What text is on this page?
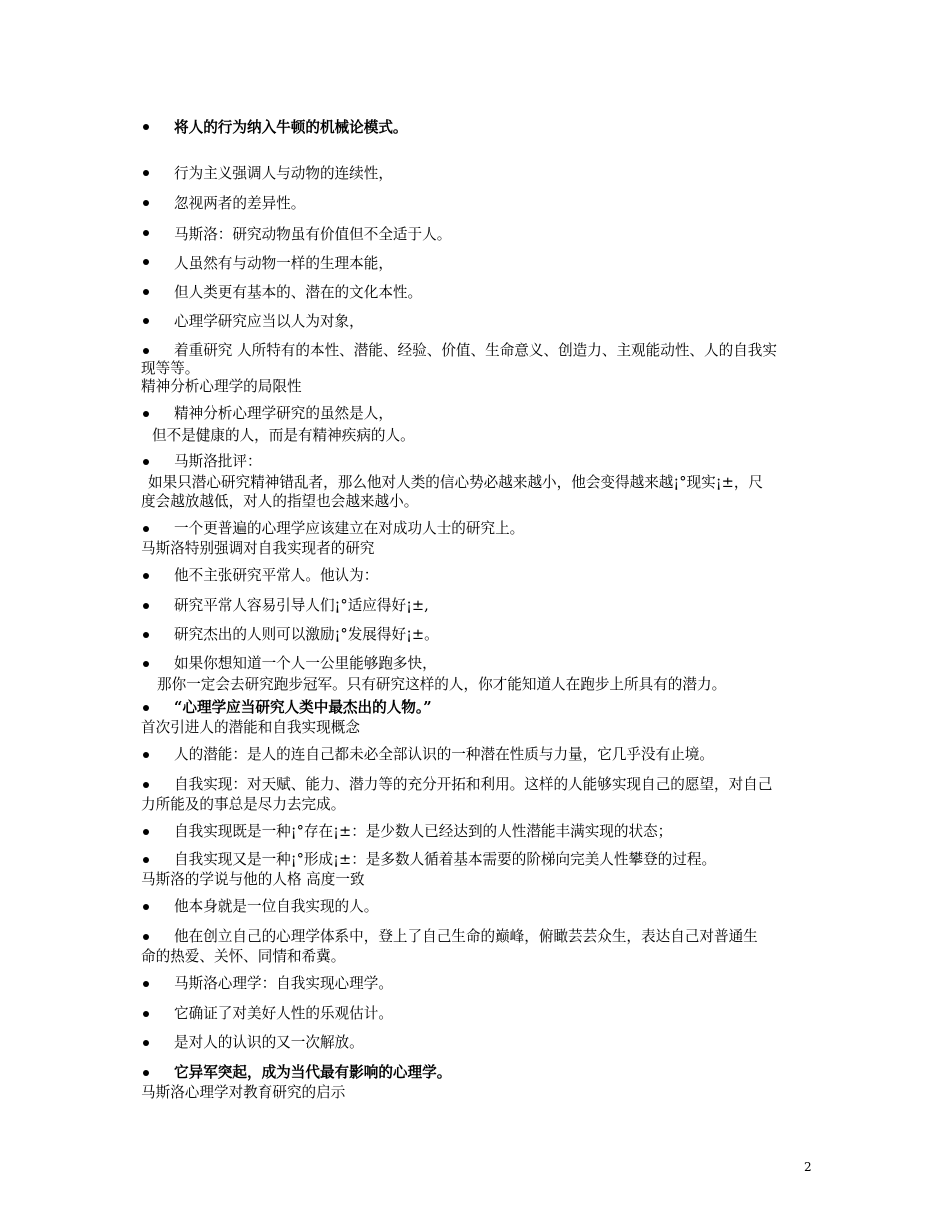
将人的行为纳入牛顿的机械论模式。
行为主义强调人与动物的连续性，
忽视两者的差异性。
马斯洛：研究动物虽有价值但不全适于人。
人虽然有与动物一样的生理本能，
但人类更有基本的、潜在的文化本性。
心理学研究应当以人为对象，
着重研究 人所特有的本性、潜能、经验、价值、生命意义、创造力、主观能动性、人的自我实
现等等。
精神分析心理学的局限性
精神分析心理学研究的虽然是人，
但不是健康的人，而是有精神疾病的人。
马斯洛批评：
如果只潜心研究精神错乱者，那么他对人类的信心势必越来越小，他会变得越来越¡°现实¡±，尺
度会越放越低，对人的指望也会越来越小。
一个更普遍的心理学应该建立在对成功人士的研究上。
马斯洛特别强调对自我实现者的研究
他不主张研究平常人。他认为：
研究平常人容易引导人们¡°适应得好¡±,
研究杰出的人则可以激励¡°发展得好¡±。
如果你想知道一个人一公里能够跑多快，
那你一定会去研究跑步冠军。只有研究这样的人，你才能知道人在跑步上所具有的潜力。
“心理学应当研究人类中最杰出的人物。”
首次引进人的潜能和自我实现概念
人的潜能：是人的连自己都未必全部认识的一种潜在性质与力量，它几乎没有止境。
自我实现：对天赋、能力、潜力等的充分开拓和利用。这样的人能够实现自己的愿望，对自己
力所能及的事总是尽力去完成。
自我实现既是一种¡°存在¡±：是少数人已经达到的人性潜能丰满实现的状态；
自我实现又是一种¡°形成¡±：是多数人循着基本需要的阶梯向完美人性攀登的过程。
马斯洛的学说与他的人格 高度一致
他本身就是一位自我实现的人。
他在创立自己的心理学体系中，登上了自己生命的巅峰，俯瞰芸芸众生，表达自己对普通生
命的热爱、关怀、同情和希冀。
马斯洛心理学：自我实现心理学。
它确证了对美好人性的乐观估计。
是对人的认识的又一次解放。
它异军突起，成为当代最有影响的心理学。
马斯洛心理学对教育研究的启示
2
